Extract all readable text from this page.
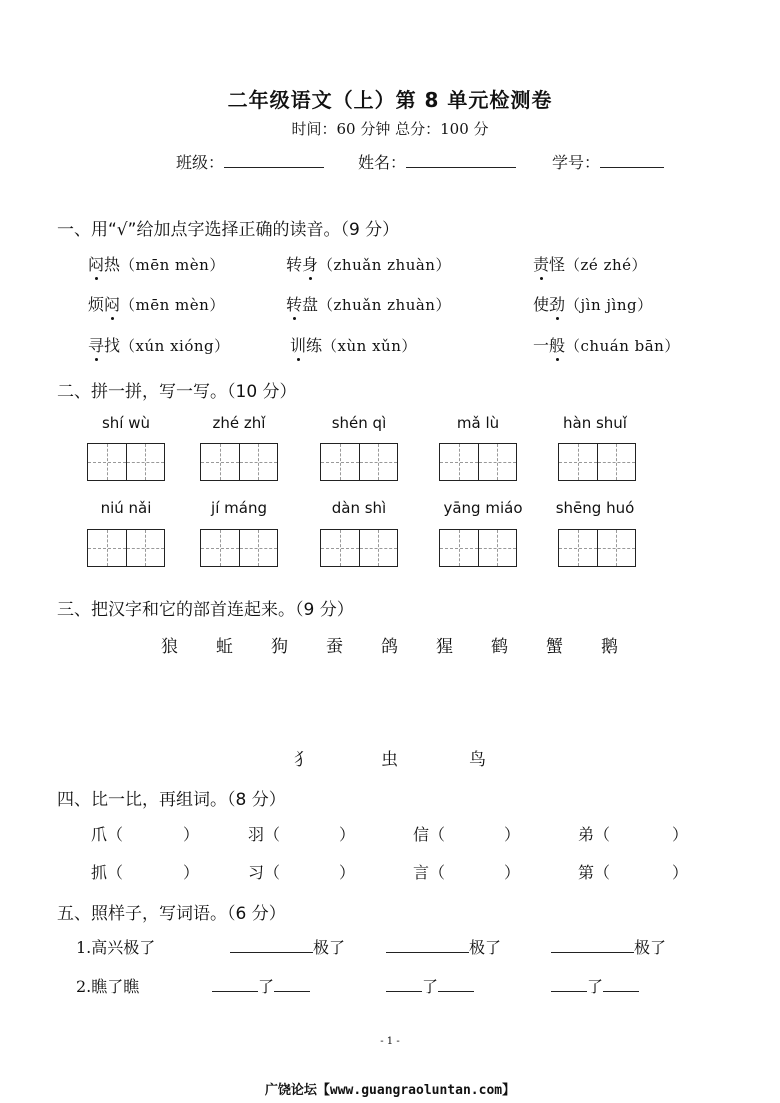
二年级语文（上）第 8 单元检测卷
时间：60 分钟 总分：100 分
班级：	姓名：	学号：
一、用“√”给加点字选择正确的读音。（9 分）
闷热（mēn mèn）	转身（zhuǎn zhuàn）	责怪（zé zhé）
烦闷（mēn mèn）	转盘（zhuǎn zhuàn）	使劲（jìn jìng）
寻找（xún xióng）	训练（xùn xǔn）	一般（chuán bān）
二、拼一拼，写一写。（10 分）
shí wù	zhé zhǐ	shén qì	mǎ lù	hàn shuǐ
niú nǎi	jí máng	dàn shì	yāng miáo	shēng huó
三、把汉字和它的部首连起来。（9 分）
狼 蚯 狗 蚕 鸽 猩 鹤 蟹 鹅
犭	虫	鸟
四、比一比，再组词。（8 分）
爪（	）	羽（	）	信（	）	弟（	）
抓（	）	习（	）	言（	）	第（	）
五、照样子，写词语。（6 分）
1.高兴极了	极了	极了	极了
2.瞧了瞧	了	了	了
- 1 -
广饶论坛【www.guangraoluntan.com】
